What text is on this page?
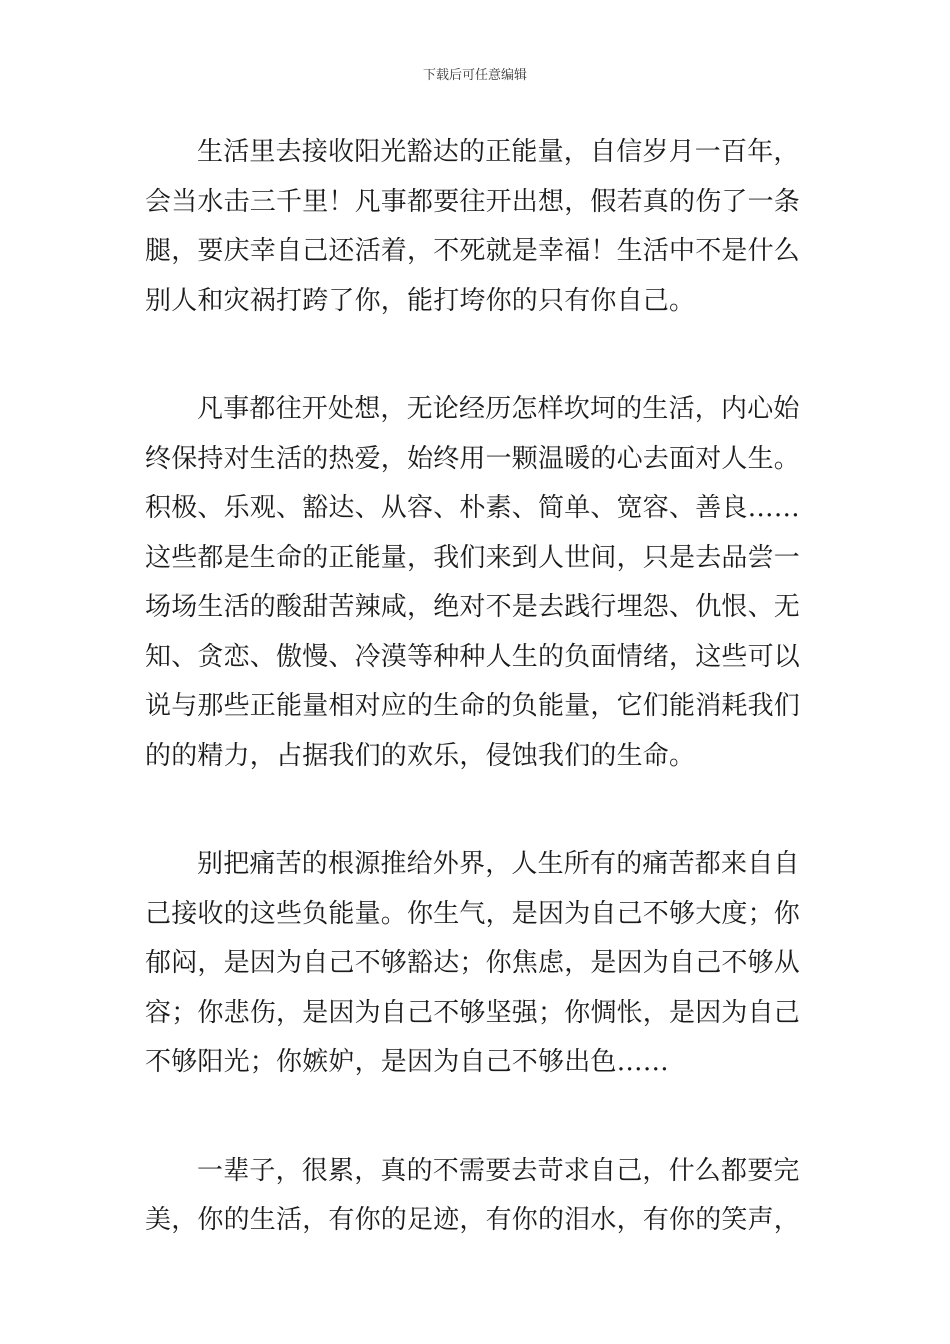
下载后可任意编辑
生活里去接收阳光豁达的正能量，自信岁月一百年，
会当水击三千里！凡事都要往开出想，假若真的伤了一条
腿，要庆幸自己还活着，不死就是幸福！生活中不是什么
别人和灾祸打跨了你，能打垮你的只有你自己。
凡事都往开处想，无论经历怎样坎坷的生活，内心始
终保持对生活的热爱，始终用一颗温暖的心去面对人生。
积极、乐观、豁达、从容、朴素、简单、宽容、善良……
这些都是生命的正能量，我们来到人世间，只是去品尝一
场场生活的酸甜苦辣咸，绝对不是去践行埋怨、仇恨、无
知、贪恋、傲慢、冷漠等种种人生的负面情绪，这些可以
说与那些正能量相对应的生命的负能量，它们能消耗我们
的的精力，占据我们的欢乐，侵蚀我们的生命。
别把痛苦的根源推给外界，人生所有的痛苦都来自自
己接收的这些负能量。你生气，是因为自己不够大度；你
郁闷，是因为自己不够豁达；你焦虑，是因为自己不够从
容；你悲伤，是因为自己不够坚强；你惆怅，是因为自己
不够阳光；你嫉妒，是因为自己不够出色……
一辈子，很累，真的不需要去苛求自己，什么都要完
美，你的生活，有你的足迹，有你的泪水，有你的笑声，
